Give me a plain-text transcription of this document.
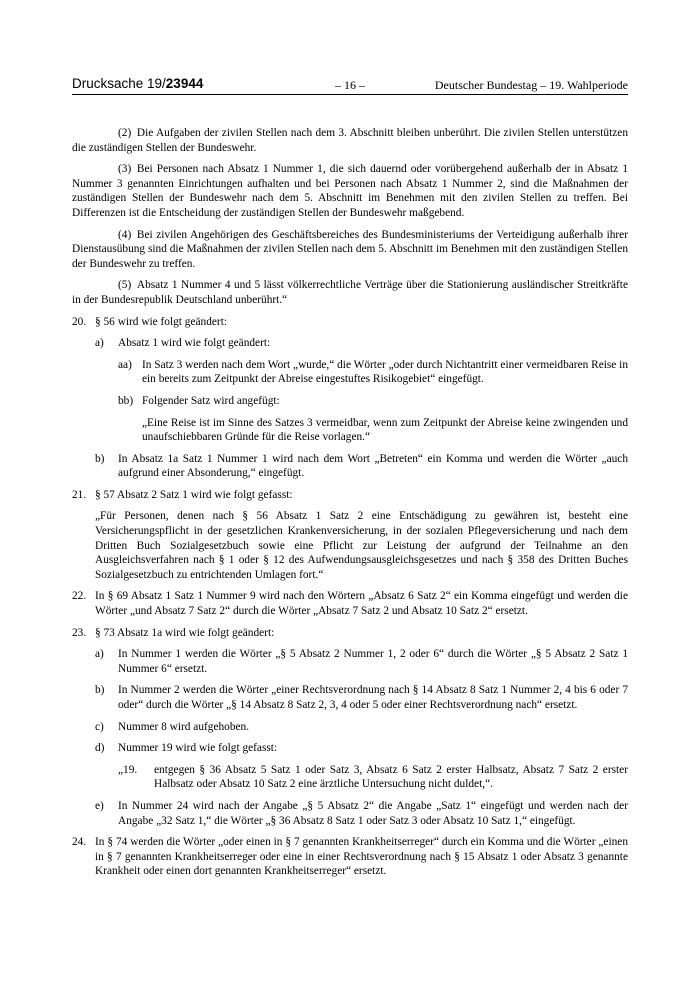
Drucksache 19/23944	– 16 –	Deutscher Bundestag – 19. Wahlperiode

(2) Die Aufgaben der zivilen Stellen nach dem 3. Abschnitt bleiben unberührt. Die zivilen Stellen unterstützen die zuständigen Stellen der Bundeswehr.

(3) Bei Personen nach Absatz 1 Nummer 1, die sich dauernd oder vorübergehend außerhalb der in Absatz 1 Nummer 3 genannten Einrichtungen aufhalten und bei Personen nach Absatz 1 Nummer 2, sind die Maßnahmen der zuständigen Stellen der Bundeswehr nach dem 5. Abschnitt im Benehmen mit den zivilen Stellen zu treffen. Bei Differenzen ist die Entscheidung der zuständigen Stellen der Bundeswehr maßgebend.

(4) Bei zivilen Angehörigen des Geschäftsbereiches des Bundesministeriums der Verteidigung außerhalb ihrer Dienstausübung sind die Maßnahmen der zivilen Stellen nach dem 5. Abschnitt im Benehmen mit den zuständigen Stellen der Bundeswehr zu treffen.

(5) Absatz 1 Nummer 4 und 5 lässt völkerrechtliche Verträge über die Stationierung ausländischer Streitkräfte in der Bundesrepublik Deutschland unberührt.“

20. § 56 wird wie folgt geändert:

a) Absatz 1 wird wie folgt geändert:

aa) In Satz 3 werden nach dem Wort „wurde,“ die Wörter „oder durch Nichtantritt einer vermeidbaren Reise in ein bereits zum Zeitpunkt der Abreise eingestuftes Risikogebiet“ eingefügt.

bb) Folgender Satz wird angefügt:

„Eine Reise ist im Sinne des Satzes 3 vermeidbar, wenn zum Zeitpunkt der Abreise keine zwingenden und unaufschiebbaren Gründe für die Reise vorlagen.“

b) In Absatz 1a Satz 1 Nummer 1 wird nach dem Wort „Betreten“ ein Komma und werden die Wörter „auch aufgrund einer Absonderung,“ eingefügt.

21. § 57 Absatz 2 Satz 1 wird wie folgt gefasst:

„Für Personen, denen nach § 56 Absatz 1 Satz 2 eine Entschädigung zu gewähren ist, besteht eine Versicherungspflicht in der gesetzlichen Krankenversicherung, in der sozialen Pflegeversicherung und nach dem Dritten Buch Sozialgesetzbuch sowie eine Pflicht zur Leistung der aufgrund der Teilnahme an den Ausgleichsverfahren nach § 1 oder § 12 des Aufwendungsausgleichsgesetzes und nach § 358 des Dritten Buches Sozialgesetzbuch zu entrichtenden Umlagen fort.“

22. In § 69 Absatz 1 Satz 1 Nummer 9 wird nach den Wörtern „Absatz 6 Satz 2“ ein Komma eingefügt und werden die Wörter „und Absatz 7 Satz 2“ durch die Wörter „Absatz 7 Satz 2 und Absatz 10 Satz 2“ ersetzt.

23. § 73 Absatz 1a wird wie folgt geändert:

a) In Nummer 1 werden die Wörter „§ 5 Absatz 2 Nummer 1, 2 oder 6“ durch die Wörter „§ 5 Absatz 2 Satz 1 Nummer 6“ ersetzt.

b) In Nummer 2 werden die Wörter „einer Rechtsverordnung nach § 14 Absatz 8 Satz 1 Nummer 2, 4 bis 6 oder 7 oder“ durch die Wörter „§ 14 Absatz 8 Satz 2, 3, 4 oder 5 oder einer Rechtsverordnung nach“ ersetzt.

c) Nummer 8 wird aufgehoben.

d) Nummer 19 wird wie folgt gefasst:

„19. entgegen § 36 Absatz 5 Satz 1 oder Satz 3, Absatz 6 Satz 2 erster Halbsatz, Absatz 7 Satz 2 erster Halbsatz oder Absatz 10 Satz 2 eine ärztliche Untersuchung nicht duldet,“.

e) In Nummer 24 wird nach der Angabe „§ 5 Absatz 2“ die Angabe „Satz 1“ eingefügt und werden nach der Angabe „32 Satz 1,“ die Wörter „§ 36 Absatz 8 Satz 1 oder Satz 3 oder Absatz 10 Satz 1,“ eingefügt.

24. In § 74 werden die Wörter „oder einen in § 7 genannten Krankheitserreger“ durch ein Komma und die Wörter „einen in § 7 genannten Krankheitserreger oder eine in einer Rechtsverordnung nach § 15 Absatz 1 oder Absatz 3 genannte Krankheit oder einen dort genannten Krankheitserreger“ ersetzt.
